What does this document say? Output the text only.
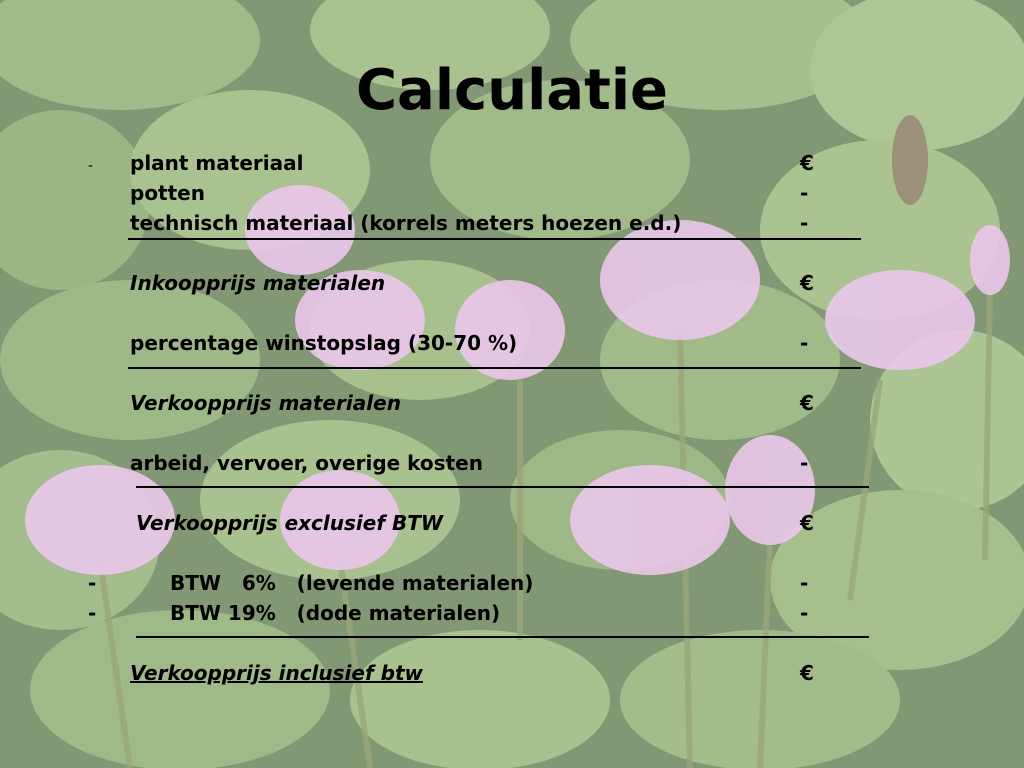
Calculatie
- plant materiaal	€
potten	-
technisch materiaal (korrels meters hoezen e.d.)	-
Inkoopprijs materialen	€
percentage winstopslag (30-70 %)	-
Verkoopprijs materialen	€
arbeid, vervoer, overige kosten	-
Verkoopprijs exclusief BTW	€
-	BTW   6%   (levende materialen)	-
-	BTW 19%   (dode materialen)	-
Verkoopprijs inclusief btw	€
